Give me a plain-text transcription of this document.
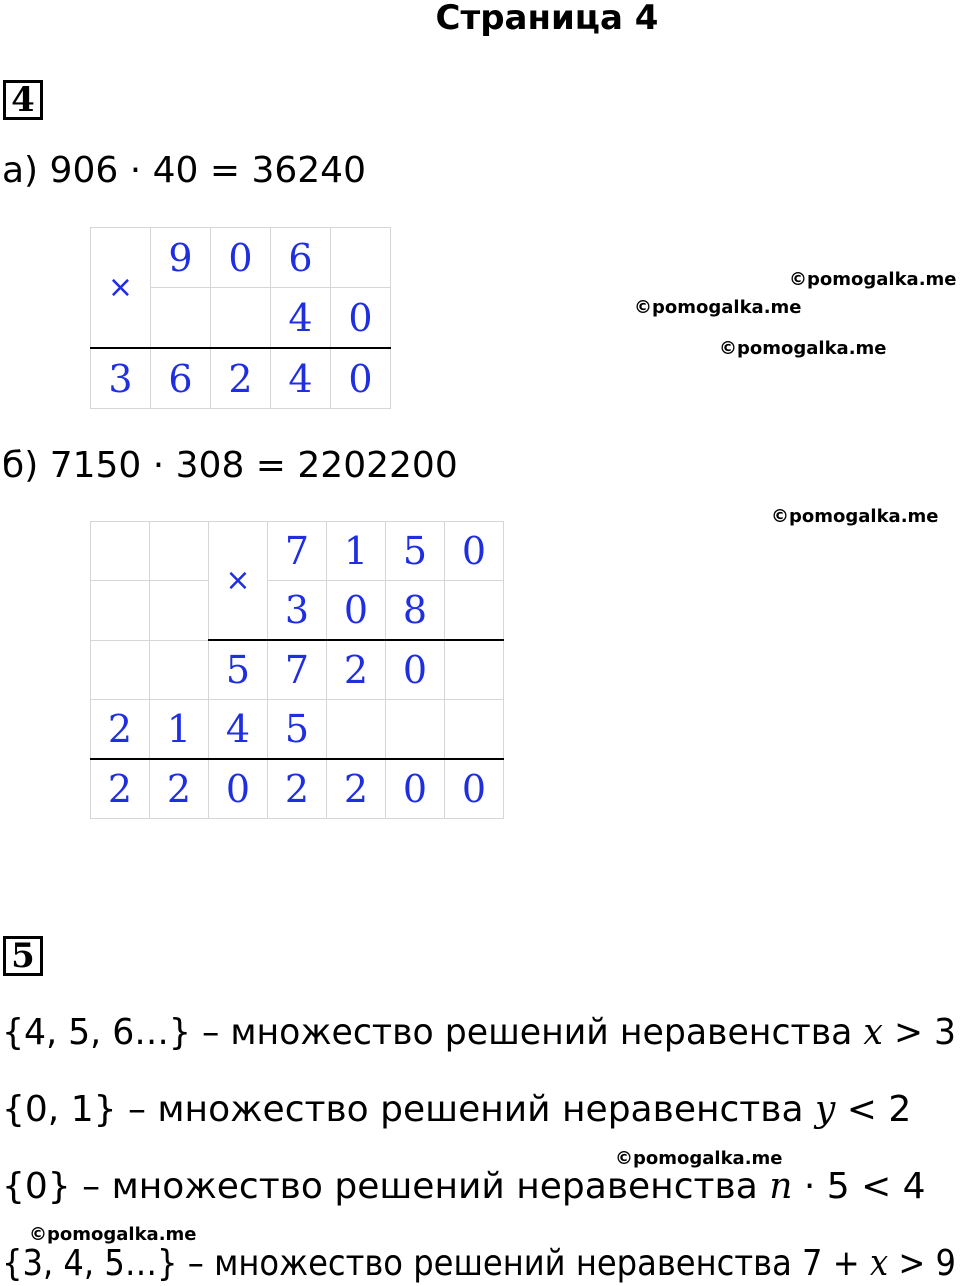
Страница 4
4
а) 906 · 40 = 36240
×	9	0	6	
			4	0
3	6	2	4	0
©pomogalka.me
©pomogalka.me
©pomogalka.me
б) 7150 · 308 = 2202200
©pomogalka.me
		×	7	1	5	0
			3	0	8	
		5	7	2	0	
2	1	4	5			
2	2	0	2	2	0	0
5
{4, 5, 6…} – множество решений неравенства x > 3
{0, 1} – множество решений неравенства y < 2
©pomogalka.me
{0} – множество решений неравенства n · 5 < 4
©pomogalka.me
{3, 4, 5…} – множество решений неравенства 7 + x > 9
